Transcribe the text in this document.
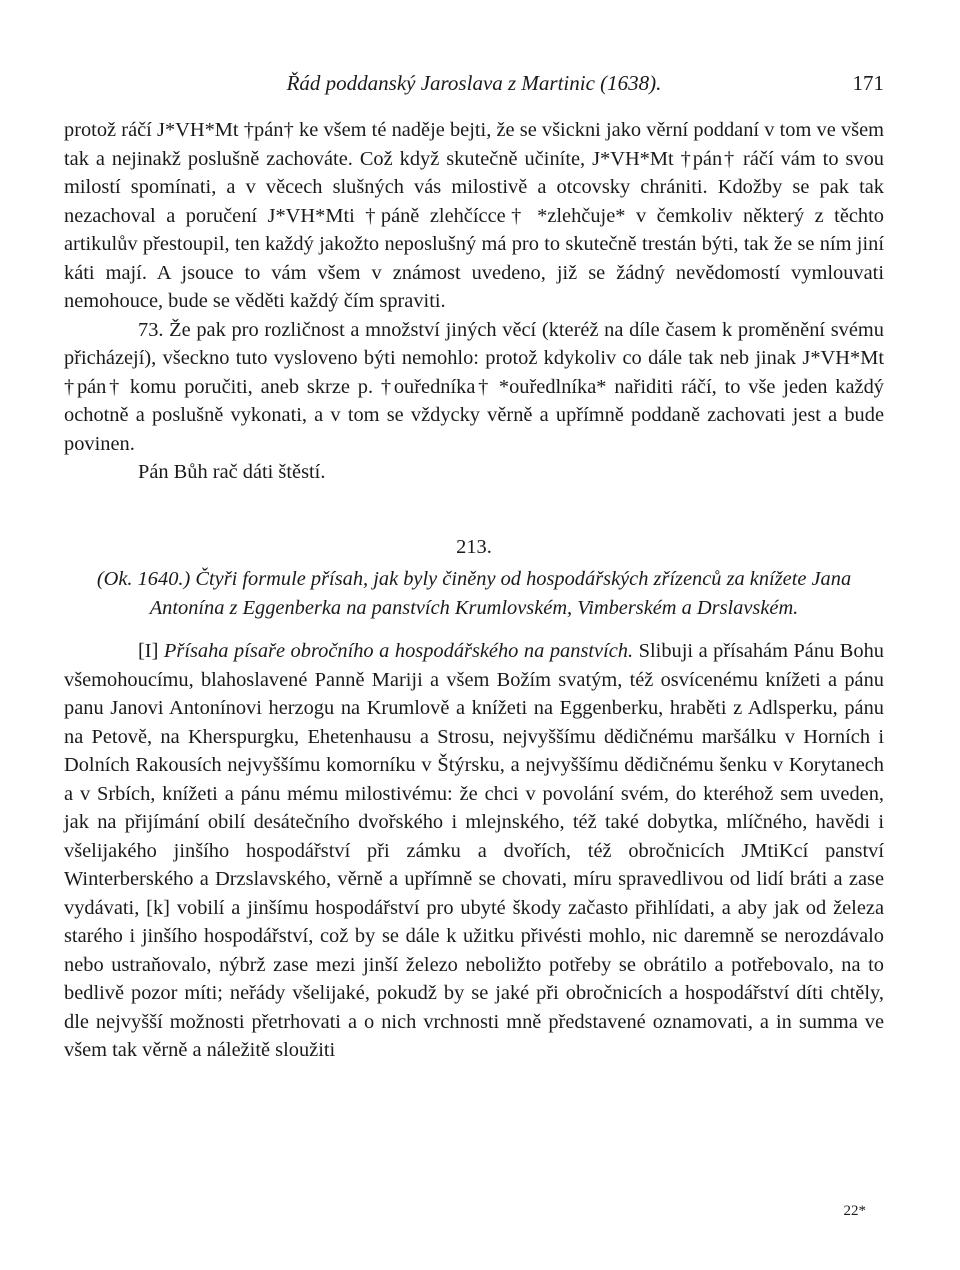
Řád poddanský Jaroslava z Martinic (1638).	171

protož ráčí J*VH*Mt †pán† ke všem té naděje bejti, že se všickni jako věrní poddaní v tom ve všem tak a nejinakž poslušně zachováte. Což když skutečně učiníte, J*VH*Mt †pán† ráčí vám to svou milostí spomínati, a v věcech slušných vás milostivě a otcovsky chrániti. Kdožby se pak tak nezachoval a poručení J*VH*Mti †páně zlehčícce† *zlehčuje* v čemkoliv některý z těchto artikulův přestoupil, ten každý jakožto neposlušný má pro to skutečně trestán býti, tak že se ním jiní káti mají. A jsouce to vám všem v známost uvedeno, již se žádný nevědomostí vymlouvati nemohouce, bude se věděti každý čím spraviti.

73. Že pak pro rozličnost a množství jiných věcí (kteréž na díle časem k proměnění svému přicházejí), všeckno tuto vysloveno býti nemohlo: protož kdykoliv co dále tak neb jinak J*VH*Mt †pán† komu poručiti, aneb skrze p. †ouředníka† *ouředlníka* nařiditi ráčí, to vše jeden každý ochotně a poslušně vykonati, a v tom se vždycky věrně a upřímně poddaně zachovati jest a bude povinen.

Pán Bůh rač dáti štěstí.

213.
(Ok. 1640.) Čtyři formule přísah, jak byly činěny od hospodářských zřízenců za knížete Jana Antonína z Eggenberka na panstvích Krumlovském, Vimberském a Drslavském.

[I] Přísaha písaře obročního a hospodářského na panstvích. Slibuji a přísahám Pánu Bohu všemohoucímu, blahoslavené Panně Mariji a všem Božím svatým, též osvícenému knížeti a pánu panu Janovi Antonínovi herzogu na Krumlově a knížeti na Eggenberku, hraběti z Adlsperku, pánu na Petově, na Kherspurgku, Ehetenhausu a Strosu, nejvyššímu dědičnému maršálku v Horních i Dolních Rakousích nejvyššímu komorníku v Štýrsku, a nejvyššímu dědičnému šenku v Korytanech a v Srbích, knížeti a pánu mému milostivému: že chci v povolání svém, do kteréhož sem uveden, jak na přijímání obilí desátečního dvořského i mlejnského, též také dobytka, mlíčného, havědi i všelijakého jinšího hospodářství při zámku a dvořích, též obročnicích JMtiKcí panství Winterberského a Drzslavského, věrně a upřímně se chovati, míru spravedlivou od lidí bráti a zase vydávati, [k] vobilí a jinšímu hospodářství pro ubyté škody začasto přihlídati, a aby jak od železa starého i jinšího hospodářství, což by se dále k užitku přivésti mohlo, nic daremně se nerozdávalo nebo ustraňovalo, nýbrž zase mezi jinší železo neboližto potřeby se obrátilo a potřebovalo, na to bedlivě pozor míti; neřády všelijaké, pokudž by se jaké při obročnicích a hospodářství díti chtěly, dle nejvyšší možnosti přetrhovati a o nich vrchnosti mně představené oznamovati, a in summa ve všem tak věrně a náležitě sloužiti

22*
